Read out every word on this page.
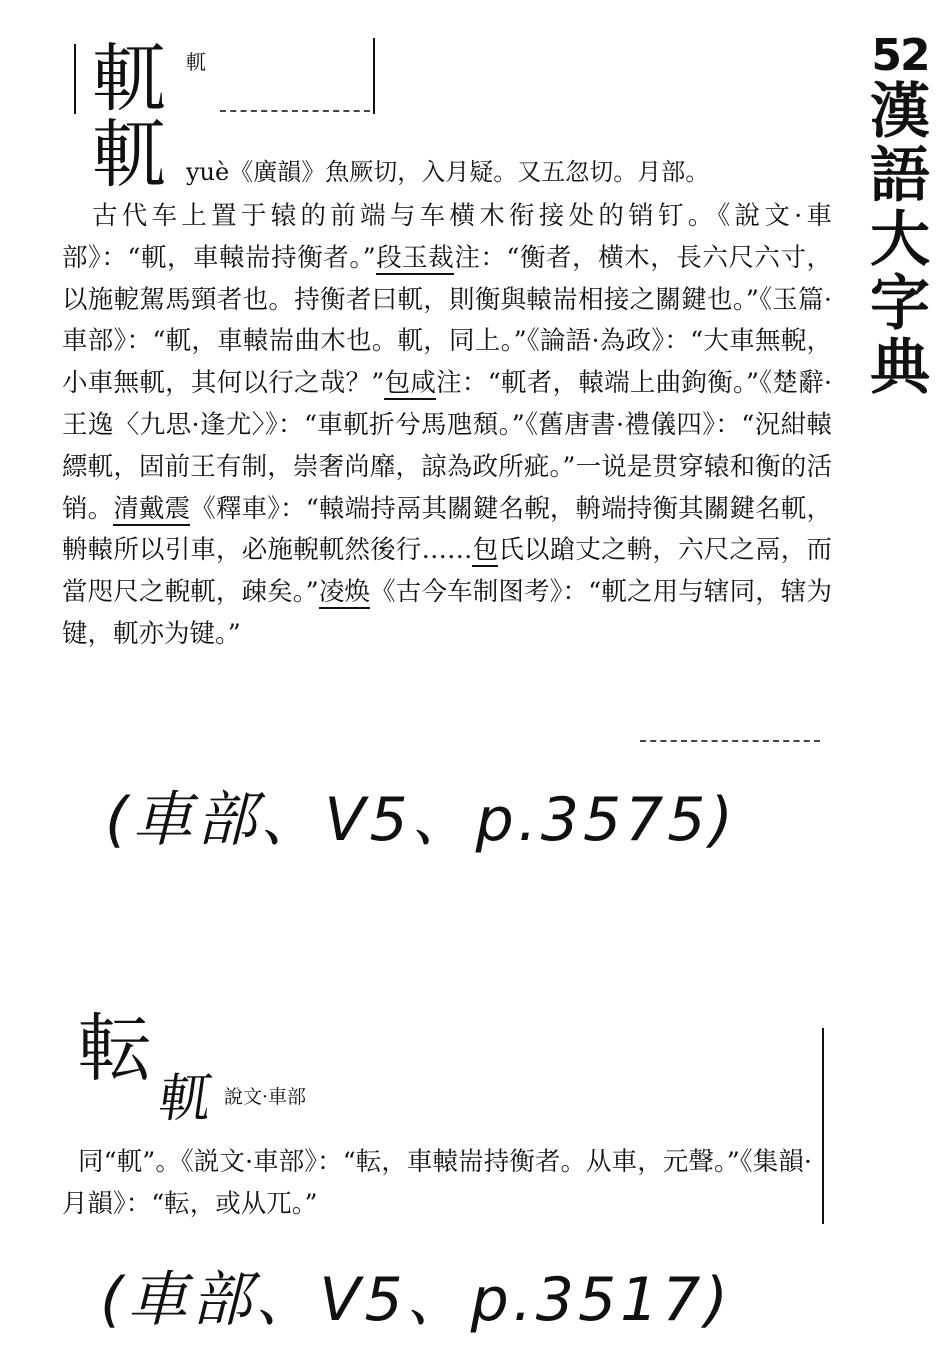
52
漢
語
大
字
典
軏 軏
軏 yuè《廣韻》魚厥切，入月疑。又五忽切。月部。

古代车上置于辕的前端与车横木衔接处的销钉。《說文·車部》：“軏，車轅耑持衡者。”段玉裁注：“衡者，横木，長六尺六寸，以施軶駕馬頸者也。持衡者曰軏，則衡與轅耑相接之關鍵也。”《玉篇·車部》：“軏，車轅耑曲木也。軏，同上。”《論語·為政》：“大車無輗，小車無軏，其何以行之哉？”包咸注：“軏者，轅端上曲鉤衡。”《楚辭·王逸〈九思·逢尤〉》：“車軏折兮馬虺頹。”《舊唐書·禮儀四》：“況紺轅縹軏，固前王有制，崇奢尚靡，諒為政所疵。”一说是贯穿辕和衡的活销。清戴震《釋車》：“轅端持鬲其關鍵名輗，輈端持衡其關鍵名軏，輈轅所以引車，必施輗軏然後行……包氏以蹌丈之輈，六尺之鬲，而當咫尺之輗軏，疎矣。”凌焕《古今车制图考》：“軏之用与辖同，辖为键，軏亦为键。”

(車部、V5、p.3575)
転
軏 說文·車部

同“軏”。《説文·車部》：“転，車轅耑持衡者。从車，元聲。”《集韻·月韻》：“転，或从兀。”

(車部、V5、p.3517)
